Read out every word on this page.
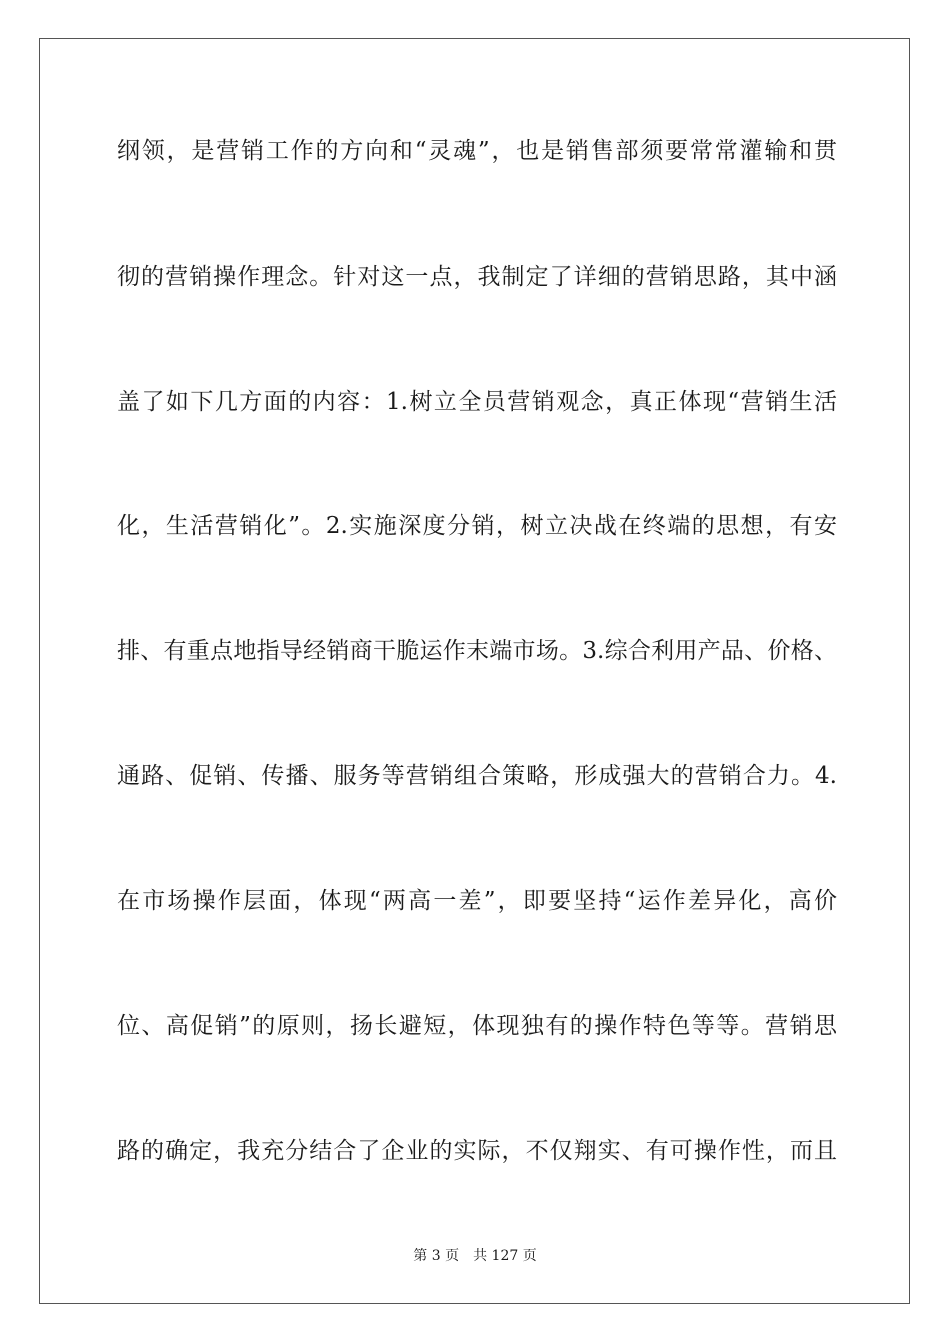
纲领，是营销工作的方向和“灵魂”，也是销售部须要常常灌输和贯
彻的营销操作理念。针对这一点，我制定了详细的营销思路，其中涵
盖了如下几方面的内容：1.树立全员营销观念，真正体现“营销生活
化，生活营销化”。2.实施深度分销，树立决战在终端的思想，有安
排、有重点地指导经销商干脆运作末端市场。3.综合利用产品、价格、
通路、促销、传播、服务等营销组合策略，形成强大的营销合力。4.
在市场操作层面，体现“两高一差”，即要坚持“运作差异化，高价
位、高促销”的原则，扬长避短，体现独有的操作特色等等。营销思
路的确定，我充分结合了企业的实际，不仅翔实、有可操作性，而且
第 3 页 共 127 页
